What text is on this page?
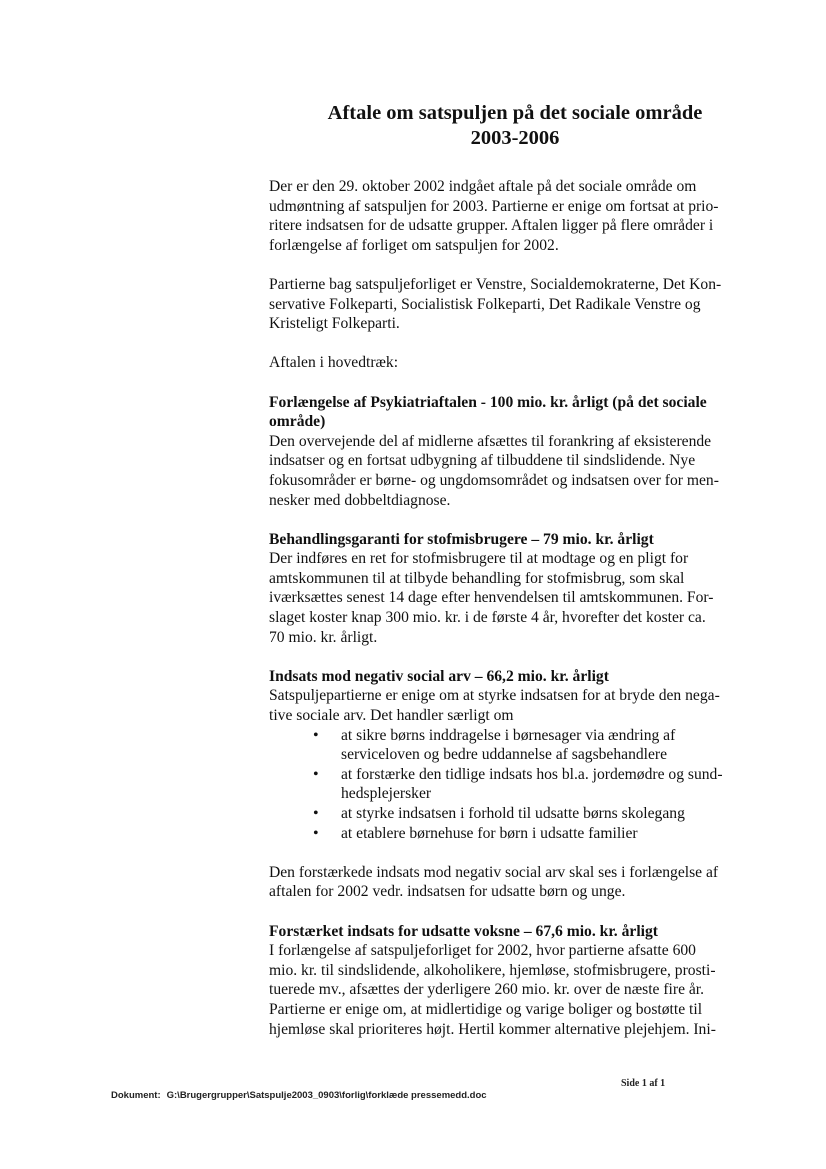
Aftale om satspuljen på det sociale område
2003-2006
Der er den 29. oktober 2002 indgået aftale på det sociale område om
udmøntning af satspuljen for 2003. Partierne er enige om fortsat at prio-
ritere indsatsen for de udsatte grupper. Aftalen ligger på flere områder i
forlængelse af forliget om satspuljen for 2002.
Partierne bag satspuljeforliget er Venstre, Socialdemokraterne, Det Kon-
servative Folkeparti, Socialistisk Folkeparti, Det Radikale Venstre og
Kristeligt Folkeparti.
Aftalen i hovedtræk:
Forlængelse af Psykiatriaftalen - 100 mio. kr. årligt (på det sociale
område)
Den overvejende del af midlerne afsættes til forankring af eksisterende
indsatser og en fortsat udbygning af tilbuddene til sindslidende. Nye
fokusområder er børne- og ungdomsområdet og indsatsen over for men-
nesker med dobbeltdiagnose.
Behandlingsgaranti for stofmisbrugere – 79 mio. kr. årligt
Der indføres en ret for stofmisbrugere til at modtage og en pligt for
amtskommunen til at tilbyde behandling for stofmisbrug, som skal
iværksættes senest 14 dage efter henvendelsen til amtskommunen. For-
slaget koster knap 300 mio. kr. i de første 4 år, hvorefter det koster ca.
70 mio. kr. årligt.
Indsats mod negativ social arv – 66,2 mio. kr. årligt
Satspuljepartierne er enige om at styrke indsatsen for at bryde den nega-
tive sociale arv. Det handler særligt om
• at sikre børns inddragelse i børnesager via ændring af
serviceloven og bedre uddannelse af sagsbehandlere
• at forstærke den tidlige indsats hos bl.a. jordemødre og sund-
hedsplejersker
• at styrke indsatsen i forhold til udsatte børns skolegang
• at etablere børnehuse for børn i udsatte familier
Den forstærkede indsats mod negativ social arv skal ses i forlængelse af
aftalen for 2002 vedr. indsatsen for udsatte børn og unge.
Forstærket indsats for udsatte voksne – 67,6 mio. kr. årligt
I forlængelse af satspuljeforliget for 2002, hvor partierne afsatte 600
mio. kr. til sindslidende, alkoholikere, hjemløse, stofmisbrugere, prosti-
tuerede mv., afsættes der yderligere 260 mio. kr. over de næste fire år.
Partierne er enige om, at midlertidige og varige boliger og bostøtte til
hjemløse skal prioriteres højt. Hertil kommer alternative plejehjem. Ini-
Side 1 af 1
Dokument: G:\Brugergrupper\Satspulje2003_0903\forlig\forklæde pressemedd.doc
